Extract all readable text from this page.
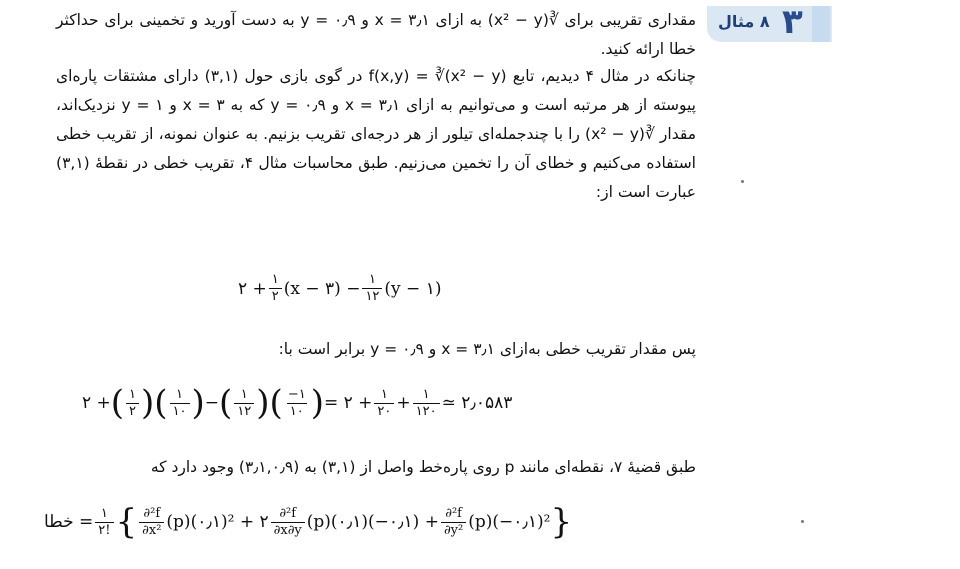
۸ مثال ۳
مقداری تقریبی برای ∛(x² − y) به ازای x = ۳٫۱ و y = ۰٫۹ به دست آورید و تخمینی برای حداکثر خطا ارائه کنید.
چنانکه در مثال ۴ دیدیم، تابع f(x,y) = ∛(x² − y) در گوی بازی حول (۳,۱) دارای مشتقات پاره‌ای پیوسته از هر مرتبه است و می‌توانیم به ازای x = ۳٫۱ و y = ۰٫۹ که به x = ۳ و y = ۱ نزدیک‌اند، مقدار ∛(x² − y) را با چندجمله‌ای تیلور از هر درجه‌ای تقریب بزنیم. به عنوان نمونه، از تقریب خطی استفاده می‌کنیم و خطای آن را تخمین می‌زنیم. طبق محاسبات مثال ۴، تقریب خطی در نقطهٔ (۳,۱) عبارت است از:
۲ + $\frac{۱}{۲} (x$ − ۳) − $\frac{۱}{۱۲} (y$ − ۱)
پس مقدار تقریب خطی به‌ازای x = ۳٫۱ و y = ۰٫۹ برابر است با:
۲ + ( $\frac{۱}{۲}$ ) ( $\frac{۱}{۱۰}$ ) − ( $\frac{۱}{۱۲}$ ) ( $\frac{-۱}{۱۰}$ ) = ۲ + $\frac{۱}{۲۰} + \frac{۱}{۱۲۰}$ ≃ ۲٫۰۵۸۳
طبق قضیهٔ ۷، نقطه‌ای مانند p روی پاره‌خط واصل از (۳,۱) به (۳٫۱,۰٫۹) وجود دارد که
خطا = $\frac{۱}{۲!}$ { $\frac{\text{∂²f}}{\text{∂x²}}$ (p)(۰٫۱)² + ۲ $\frac{\text{∂²f}}{\partial x\partial y}$ (p)(۰٫۱)(−۰٫۱) + $\frac{\text{∂²f}}{\text{∂y²}}$ (p)(−۰٫۱)² }
